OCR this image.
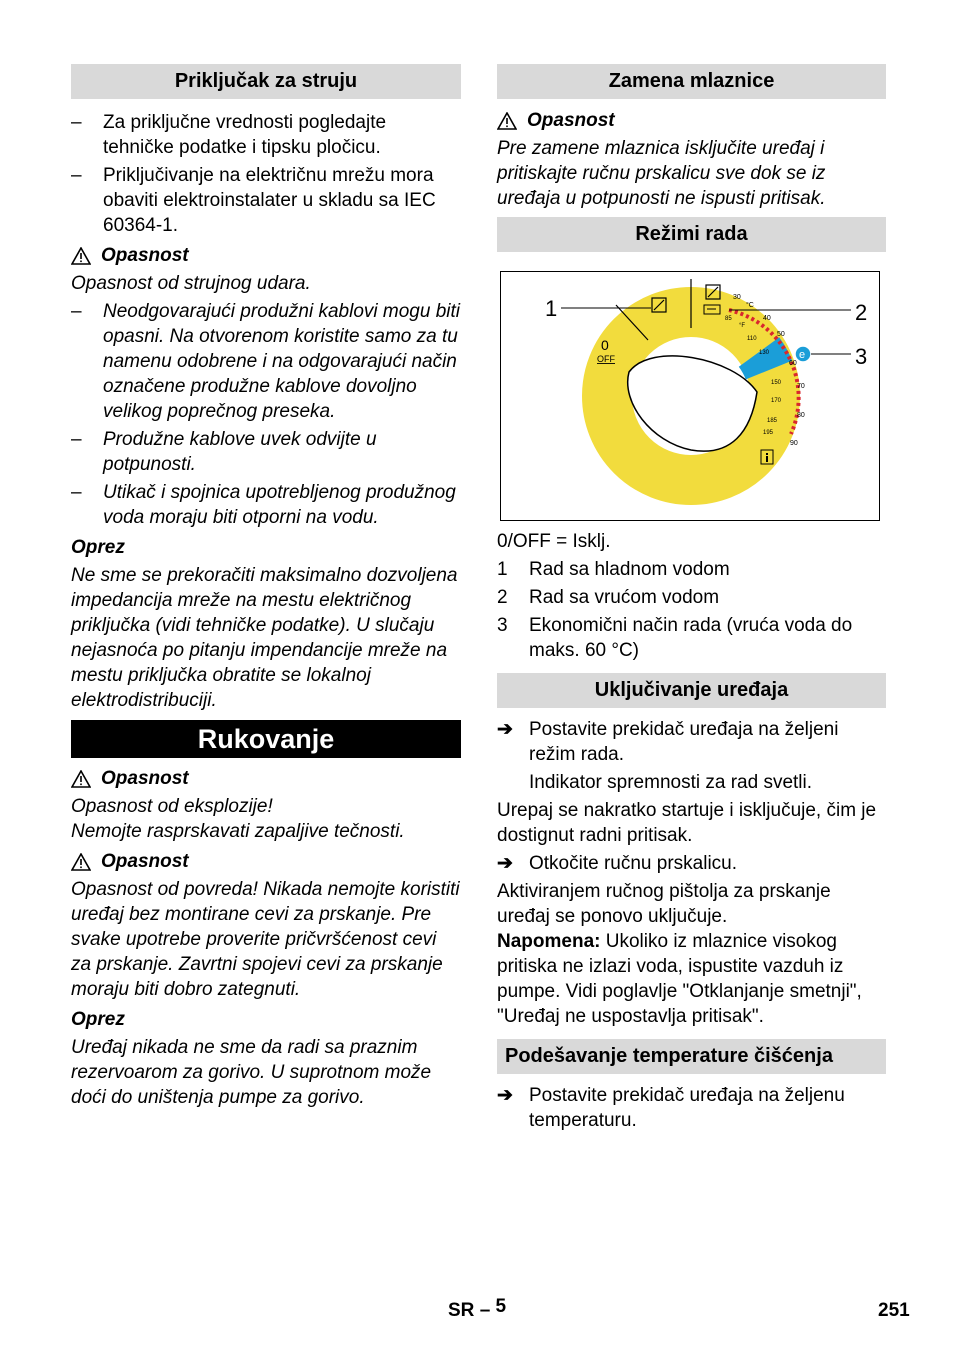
Priključak za struju
–	Za priključne vrednosti pogledajte tehničke podatke i tipsku pločicu.
–	Priključivanje na električnu mrežu mora obaviti elektroinstalater u skladu sa IEC 60364-1.
Opasnost

Opasnost od strujnog udara.

–	Neodgovarajući produžni kablovi mogu biti opasni. Na otvorenom koristite samo za tu namenu odobrene i na odgovarajući način označene produžne kablove dovoljno velikog poprečnog preseka.
–	Produžne kablove uvek odvijte u potpunosti.
–	Utikač i spojnica upotrebljenog produžnog voda moraju biti otporni na vodu.

Oprez

Ne sme se prekoračiti maksimalno dozvoljena impedancija mreže na mestu električnog priključka (vidi tehničke podatke). U slučaju nejasnoća po pitanju impendancije mreže na mestu priključka obratite se lokalnoj elektrodistribuciji.

Rukovanje
Opasnost

Opasnost od eksplozije!

Nemojte rasprskavati zapaljive tečnosti.

Opasnost

Opasnost od povreda! Nikada nemojte koristiti uređaj bez montirane cevi za prskanje. Pre svake upotrebe proverite pričvršćenost cevi za prskanje. Zavrtni spojevi cevi za prskanje moraju biti dobro zategnuti.

Oprez

Uređaj nikada ne sme da radi sa praznim rezervoarom za gorivo. U suprotnom može doći do uništenja pumpe za gorivo.

Zamena mlaznice
Opasnost

Pre zamene mlaznica isključite uređaj i pritiskajte ručnu prskalicu sve dok se iz uređaja u potpunosti ne ispusti pritisak.

Režimi rada
0
OFF
30
°C
40
50
60
70
80
90
85
°F
110
130
150
170
185
195
e
1	2
3

0/OFF = Isklj.

1	Rad sa hladnom vodom
2	Rad sa vrućom vodom
3	Ekonomični način rada (vruća voda do maks. 60 °C)
Uključivanje uređaja
➔ Postavite prekidač uređaja na željeni režim rada.

Indikator spremnosti za rad svetli.

Urepaj se nakratko startuje i isključuje, čim je dostignut radni pritisak.

➔ Otkočite ručnu prskalicu.

Aktiviranjem ručnog pištolja za prskanje uređaj se ponovo uključuje.

Napomena: Ukoliko iz mlaznice visokog pritiska ne izlazi voda, ispustite vazduh iz pumpe. Vidi poglavlje "Otklanjanje smetnji", "Uređaj ne uspostavlja pritisak".

Podešavanje temperature čišćenja
➔ Postavite prekidač uređaja na željenu temperaturu.
SR – 5	251
